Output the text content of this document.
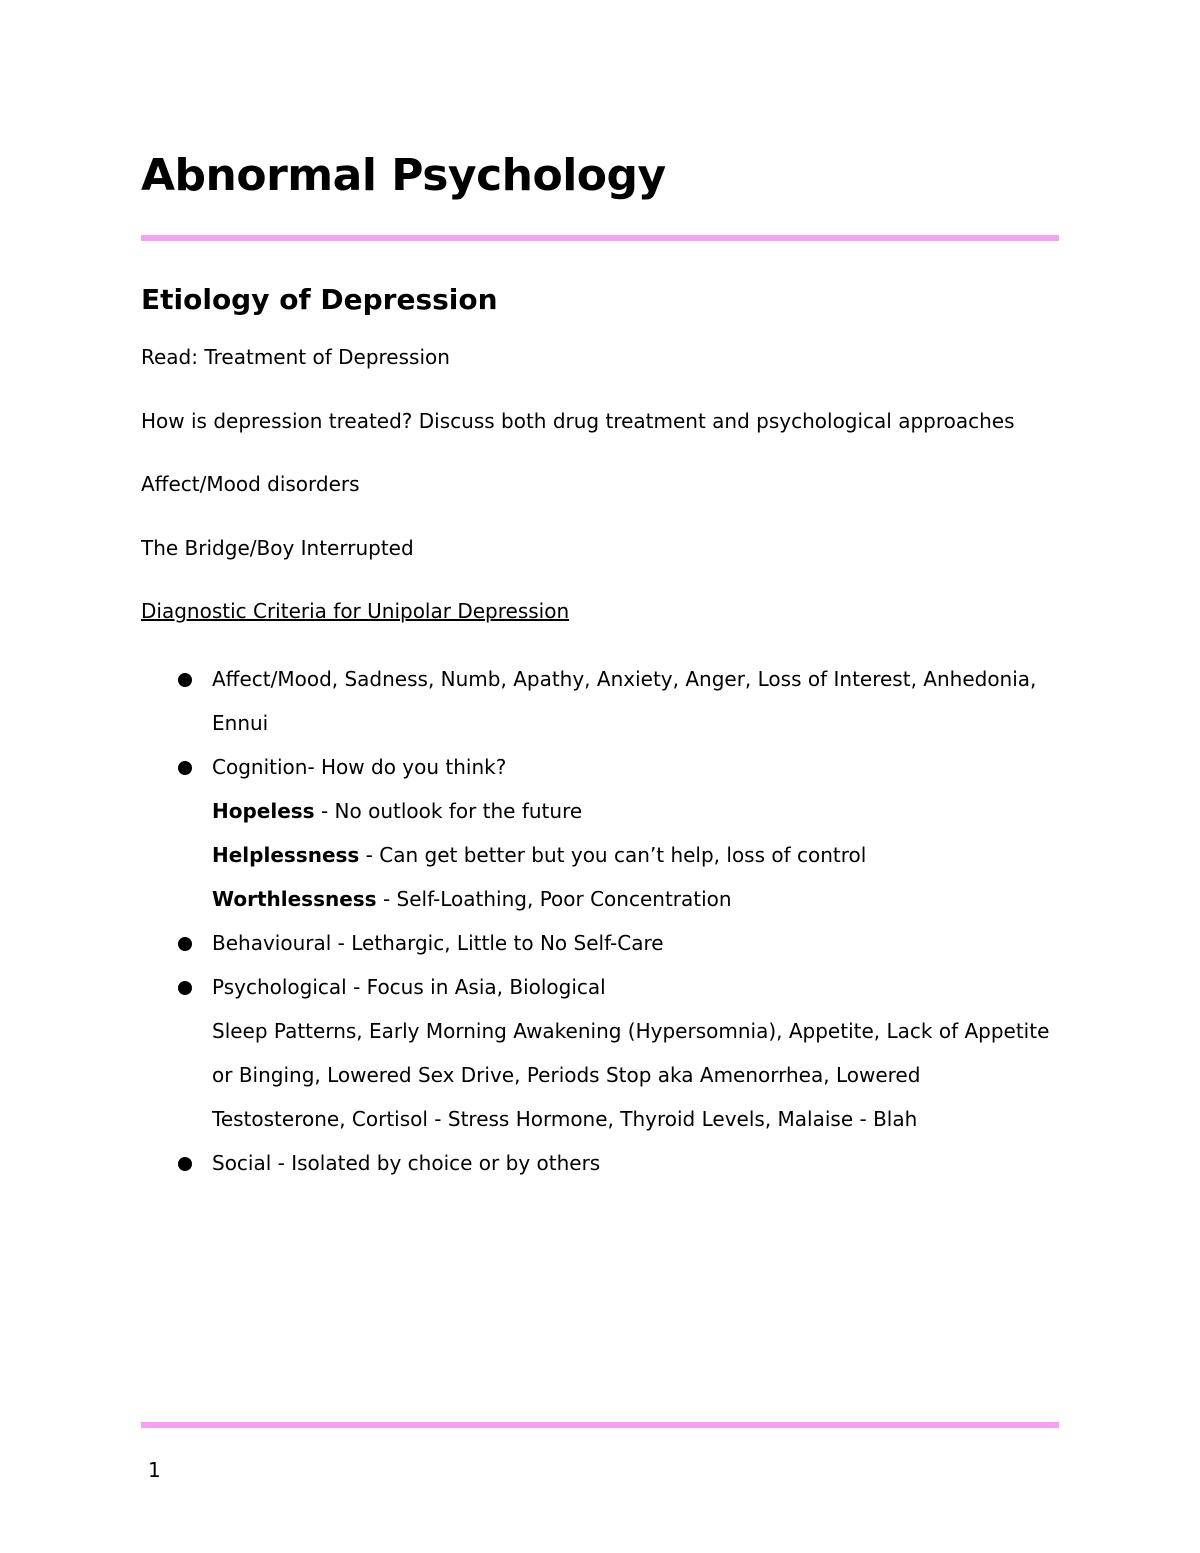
Abnormal Psychology
Etiology of Depression

Read: Treatment of Depression

How is depression treated? Discuss both drug treatment and psychological approaches

Affect/Mood disorders

The Bridge/Boy Interrupted

Diagnostic Criteria for Unipolar Depression

Affect/Mood, Sadness, Numb, Apathy, Anxiety, Anger, Loss of Interest, Anhedonia,
Ennui
Cognition- How do you think?
Hopeless - No outlook for the future
Helplessness - Can get better but you can’t help, loss of control
Worthlessness - Self-Loathing, Poor Concentration
Behavioural - Lethargic, Little to No Self-Care
Psychological - Focus in Asia, Biological
Sleep Patterns, Early Morning Awakening (Hypersomnia), Appetite, Lack of Appetite
or Binging, Lowered Sex Drive, Periods Stop aka Amenorrhea, Lowered
Testosterone, Cortisol - Stress Hormone, Thyroid Levels, Malaise - Blah
Social - Isolated by choice or by others
1
